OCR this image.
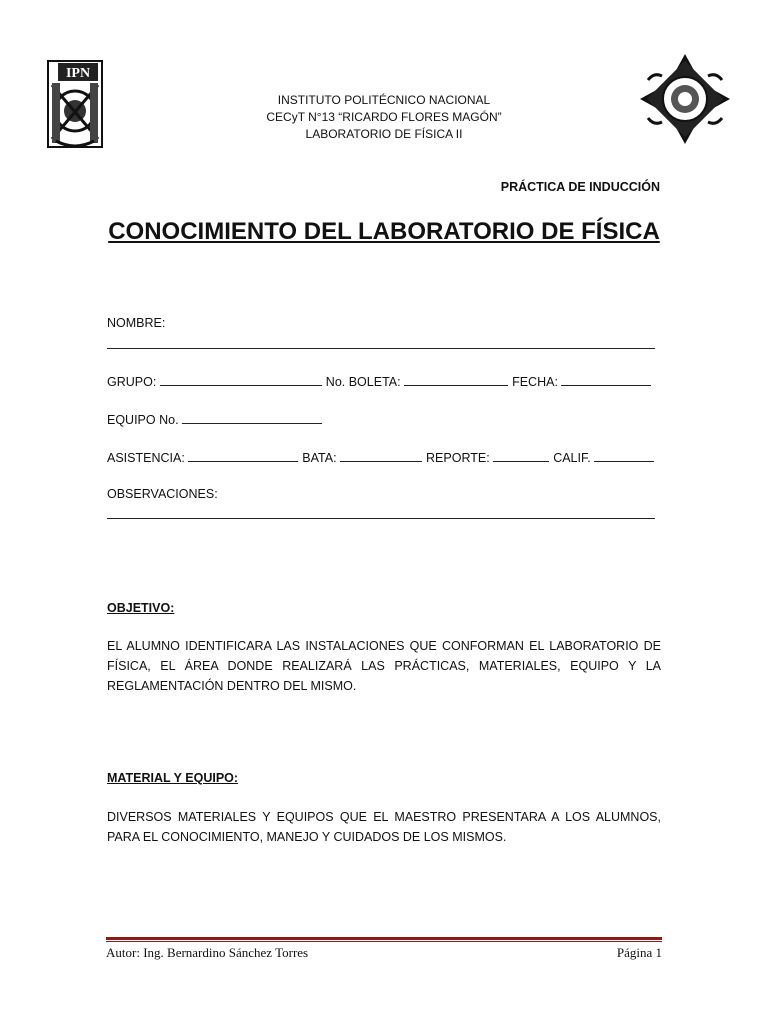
IPN
INSTITUTO POLITÉCNICO NACIONAL
CECyT N°13 “RICARDO FLORES MAGÓN”
LABORATORIO DE FÍSICA II
PRÁCTICA DE INDUCCIÓN
CONOCIMIENTO DEL LABORATORIO DE FÍSICA
NOMBRE:
GRUPO:	No. BOLETA:	FECHA:
EQUIPO No.
ASISTENCIA:	BATA:	REPORTE:	CALIF.
OBSERVACIONES:
OBJETIVO:

EL ALUMNO IDENTIFICARA LAS INSTALACIONES QUE CONFORMAN EL LABORATORIO DE FÍSICA, EL ÁREA DONDE REALIZARÁ LAS PRÁCTICAS, MATERIALES, EQUIPO Y LA REGLAMENTACIÓN DENTRO DEL MISMO.

MATERIAL Y EQUIPO:

DIVERSOS MATERIALES Y EQUIPOS QUE EL MAESTRO PRESENTARA A LOS ALUMNOS, PARA EL CONOCIMIENTO, MANEJO Y CUIDADOS DE LOS MISMOS.

Autor: Ing. Bernardino Sánchez Torres	Página 1
